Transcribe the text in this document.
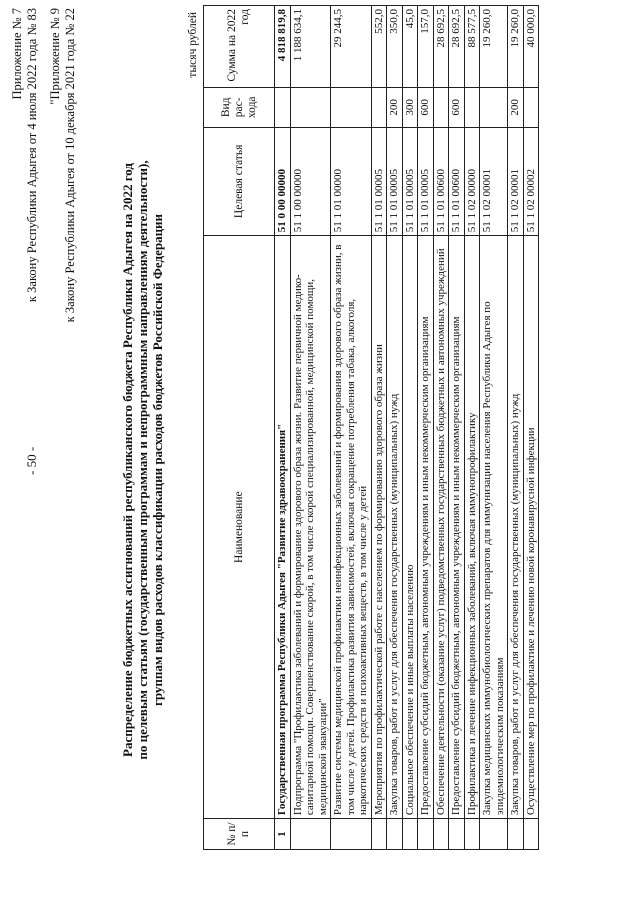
- 50 -
Приложение № 7 к Закону Республики Адыгея от 4 июля 2022 года № 83 "Приложение № 9 к Закону Республики Адыгея от 10 декабря 2021 года № 22	Распределение бюджетных ассигнований республиканского бюджета Республики Адыгея на 2022 год по целевым статьям (государственным программам и непрограммным направлениям деятельности), группам видов расходов классификации расходов бюджетов Российской Федерации
тысяч рублей
№ п/п	Наименование	Целевая статья	Вид рас-хода	Сумма на 2022 год
1	Государственная программа Республики Адыгея "Развитие здравоохранения"	51 0 00 00000		4 818 819,8
	Подпрограмма "Профилактика заболеваний и формирование здорового образа жизни. Развитие первичной медико-санитарной помощи. Совершенствование скорой, в том числе скорой специализированной, медицинской помощи, медицинской эвакуации"	51 1 00 00000		1 188 634,1
	Развитие системы медицинской профилактики неинфекционных заболеваний и формирования здорового образа жизни, в том числе у детей. Профилактика развития зависимостей, включая сокращение потребления табака, алкоголя, наркотических средств и психоактивных веществ, в том числе у детей	51 1 01 00000		29 244,5
	Мероприятия по профилактической работе с населением по формированию здорового образа жизни	51 1 01 00005		552,0
	Закупка товаров, работ и услуг для обеспечения государственных (муниципальных) нужд	51 1 01 00005	200	350,0
	Социальное обеспечение и иные выплаты населению	51 1 01 00005	300	45,0
	Предоставление субсидий бюджетным, автономным учреждениям и иным некоммерческим организациям	51 1 01 00005	600	157,0
	Обеспечение деятельности (оказание услуг) подведомственных государственных бюджетных и автономных учреждений	51 1 01 00600		28 692,5
	Предоставление субсидий бюджетным, автономным учреждениям и иным некоммерческим организациям	51 1 01 00600	600	28 692,5
	Профилактика и лечение инфекционных заболеваний, включая иммунопрофилактику	51 1 02 00000		88 577,5
	Закупка медицинских иммунобиологических препаратов для иммунизации населения Республики Адыгея по эпидемиологическим показаниям	51 1 02 00001		19 260,0
	Закупка товаров, работ и услуг для обеспечения государственных (муниципальных) нужд	51 1 02 00001	200	19 260,0
	Осуществление мер по профилактике и лечению новой коронавирусной инфекции	51 1 02 00002		40 000,0
